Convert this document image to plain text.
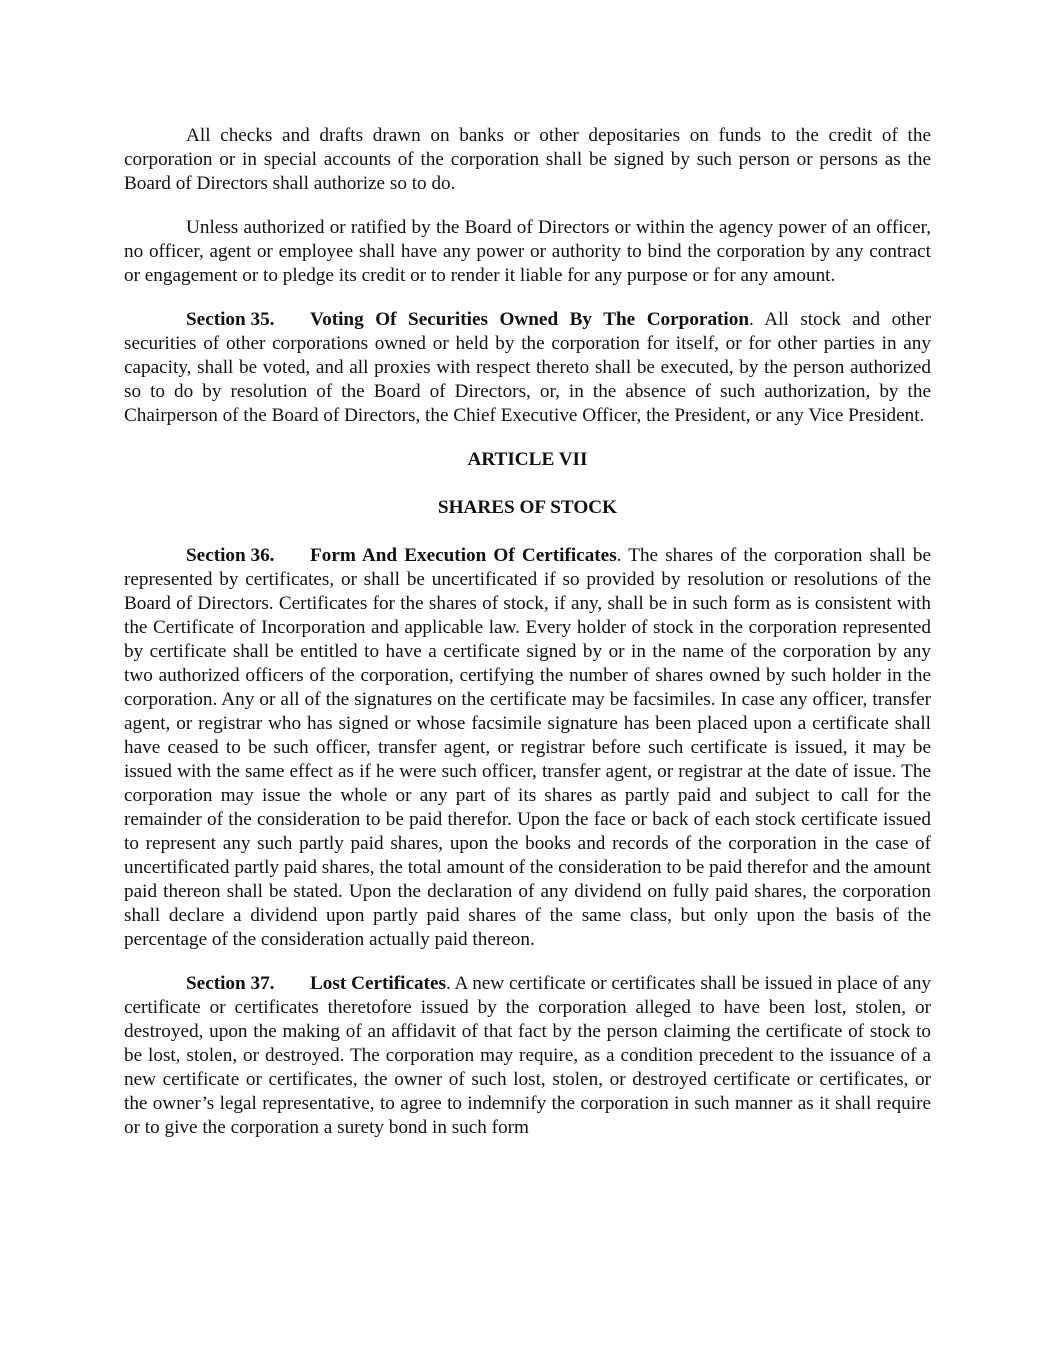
All checks and drafts drawn on banks or other depositaries on funds to the credit of the corporation or in special accounts of the corporation shall be signed by such person or persons as the Board of Directors shall authorize so to do.

Unless authorized or ratified by the Board of Directors or within the agency power of an officer, no officer, agent or employee shall have any power or authority to bind the corporation by any contract or engagement or to pledge its credit or to render it liable for any purpose or for any amount.

Section 35. Voting Of Securities Owned By The Corporation. All stock and other securities of other corporations owned or held by the corporation for itself, or for other parties in any capacity, shall be voted, and all proxies with respect thereto shall be executed, by the person authorized so to do by resolution of the Board of Directors, or, in the absence of such authorization, by the Chairperson of the Board of Directors, the Chief Executive Officer, the President, or any Vice President.

ARTICLE VII
SHARES OF STOCK

Section 36. Form And Execution Of Certificates. The shares of the corporation shall be represented by certificates, or shall be uncertificated if so provided by resolution or resolutions of the Board of Directors. Certificates for the shares of stock, if any, shall be in such form as is consistent with the Certificate of Incorporation and applicable law. Every holder of stock in the corporation represented by certificate shall be entitled to have a certificate signed by or in the name of the corporation by any two authorized officers of the corporation, certifying the number of shares owned by such holder in the corporation. Any or all of the signatures on the certificate may be facsimiles. In case any officer, transfer agent, or registrar who has signed or whose facsimile signature has been placed upon a certificate shall have ceased to be such officer, transfer agent, or registrar before such certificate is issued, it may be issued with the same effect as if he were such officer, transfer agent, or registrar at the date of issue. The corporation may issue the whole or any part of its shares as partly paid and subject to call for the remainder of the consideration to be paid therefor. Upon the face or back of each stock certificate issued to represent any such partly paid shares, upon the books and records of the corporation in the case of uncertificated partly paid shares, the total amount of the consideration to be paid therefor and the amount paid thereon shall be stated. Upon the declaration of any dividend on fully paid shares, the corporation shall declare a dividend upon partly paid shares of the same class, but only upon the basis of the percentage of the consideration actually paid thereon.

Section 37. Lost Certificates. A new certificate or certificates shall be issued in place of any certificate or certificates theretofore issued by the corporation alleged to have been lost, stolen, or destroyed, upon the making of an affidavit of that fact by the person claiming the certificate of stock to be lost, stolen, or destroyed. The corporation may require, as a condition precedent to the issuance of a new certificate or certificates, the owner of such lost, stolen, or destroyed certificate or certificates, or the owner’s legal representative, to agree to indemnify the corporation in such manner as it shall require or to give the corporation a surety bond in such form
